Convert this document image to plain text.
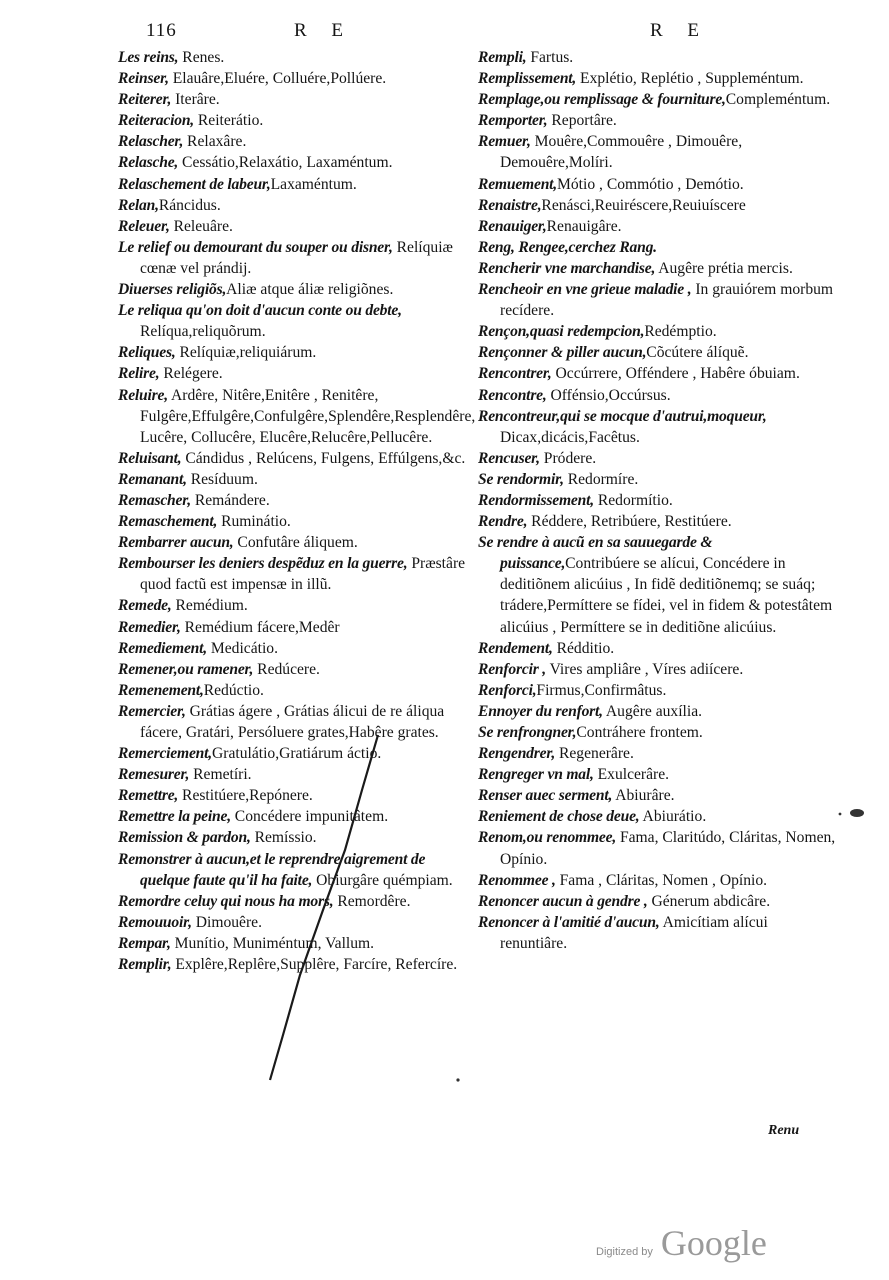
116	R E	R E
Les reins, Renes.
Reinser, Elauâre,Eluére, Colluére,Pollúere.
Reiterer, Iterâre.
Reiteracion, Reiterátio.
Relascher, Relaxâre.
Relasche, Cessátio,Relaxátio, Laxaméntum.
Relaschement de labeur,Laxaméntum.
Relan,Ráncidus.
Releuer, Releuâre.
Le relief ou demourant du souper ou disner, Relíquiæ cœnæ vel prándij.
Diuerses religiõs,Aliæ atque áliæ religiõnes.
Le reliqua qu'on doit d'aucun conte ou debte, Relíqua,reliquõrum.
Reliques, Relíquiæ,reliquiárum.
Relire, Relégere.
Reluire, Ardêre, Nitêre,Enitêre , Renitêre, Fulgêre,Effulgêre,Confulgêre,Splendêre,Resplendêre, Lucêre, Collucêre, Elucêre,Relucêre,Pellucêre.
Reluisant, Cándidus , Relúcens, Fulgens, Effúlgens,&c.
Remanant, Resíduum.
Remascher, Remándere.
Remaschement, Ruminátio.
Rembarrer aucun, Confutâre áliquem.
Rembourser les deniers despẽduz en la guerre, Præstâre quod factũ est impensæ in illũ.
Remede, Remédium.
Remedier, Remédium fácere,Medêr
Remediement, Medicátio.
Remener,ou ramener, Redúcere.
Remenement,Redúctio.
Remercier, Grátias ágere , Grátias álicui de re áliqua fácere, Gratári, Persóluere grates,Habêre grates.
Remerciement,Gratulátio,Gratiárum áctio.
Remesurer, Remetíri.
Remettre, Restitúere,Repónere.
Remettre la peine, Concédere impunitâtem.
Remission & pardon, Remíssio.
Remonstrer à aucun,et le reprendre aigrement de quelque faute qu'il ha faite, Obiurgâre quémpiam.
Remordre celuy qui nous ha mors, Remordêre.
Remouuoir, Dimouêre.
Rempar, Munítio, Muniméntum, Vallum.
Remplir, Explêre,Replêre,Supplêre, Farcíre, Refercíre.
Rempli, Fartus.
Remplissement, Explétio, Replétio , Suppleméntum.
Remplage,ou remplissage & fourniture,Compleméntum.
Remporter, Reportâre.
Remuer, Mouêre,Commouêre , Dimouêre, Demouêre,Molíri.
Remuement,Mótio , Commótio , Demótio.
Renaistre,Renásci,Reuiréscere,Reuiuíscere
Renauiger,Renauigâre.
Reng, Rengee,cerchez Rang.
Rencherir vne marchandise, Augêre prétia mercis.
Rencheoir en vne grieue maladie , In grauiórem morbum recídere.
Rençon,quasi redempcion,Redémptio.
Rençonner & piller aucun,Cõcútere álíquẽ.
Rencontrer, Occúrrere, Offéndere , Habêre óbuiam.
Rencontre, Offénsio,Occúrsus.
Rencontreur,qui se mocque d'autrui,moqueur, Dicax,dicácis,Facêtus.
Rencuser, Pródere.
Se rendormir, Redormíre.
Rendormissement, Redormítio.
Rendre, Réddere, Retribúere, Restitúere.
Se rendre à aucũ en sa sauuegarde & puissance,Contribúere se alícui, Concédere in deditiõnem alicúius , In fidẽ deditiõnemq; se suáq; trádere,Permíttere se fídei, vel in fidem & potestâtem alicúius , Permíttere se in deditiõne alicúius.
Rendement, Rédditio.
Renforcir , Vires ampliâre , Víres adiícere.
Renforci,Firmus,Confirmâtus.
Ennoyer du renfort, Augêre auxília.
Se renfrongner,Contráhere frontem.
Rengendrer, Regenerâre.
Rengreger vn mal, Exulcerâre.
Renser auec serment, Abiurâre.
Reniement de chose deue, Abiurátio.
Renom,ou renommee, Fama, Claritúdo, Cláritas, Nomen, Opínio.
Renommee , Fama , Cláritas, Nomen , Opínio.
Renoncer aucun à gendre , Génerum abdicâre.
Renoncer à l'amitié d'aucun, Amicítiam alícui renuntiâre.
Renu
Digitized by Google
